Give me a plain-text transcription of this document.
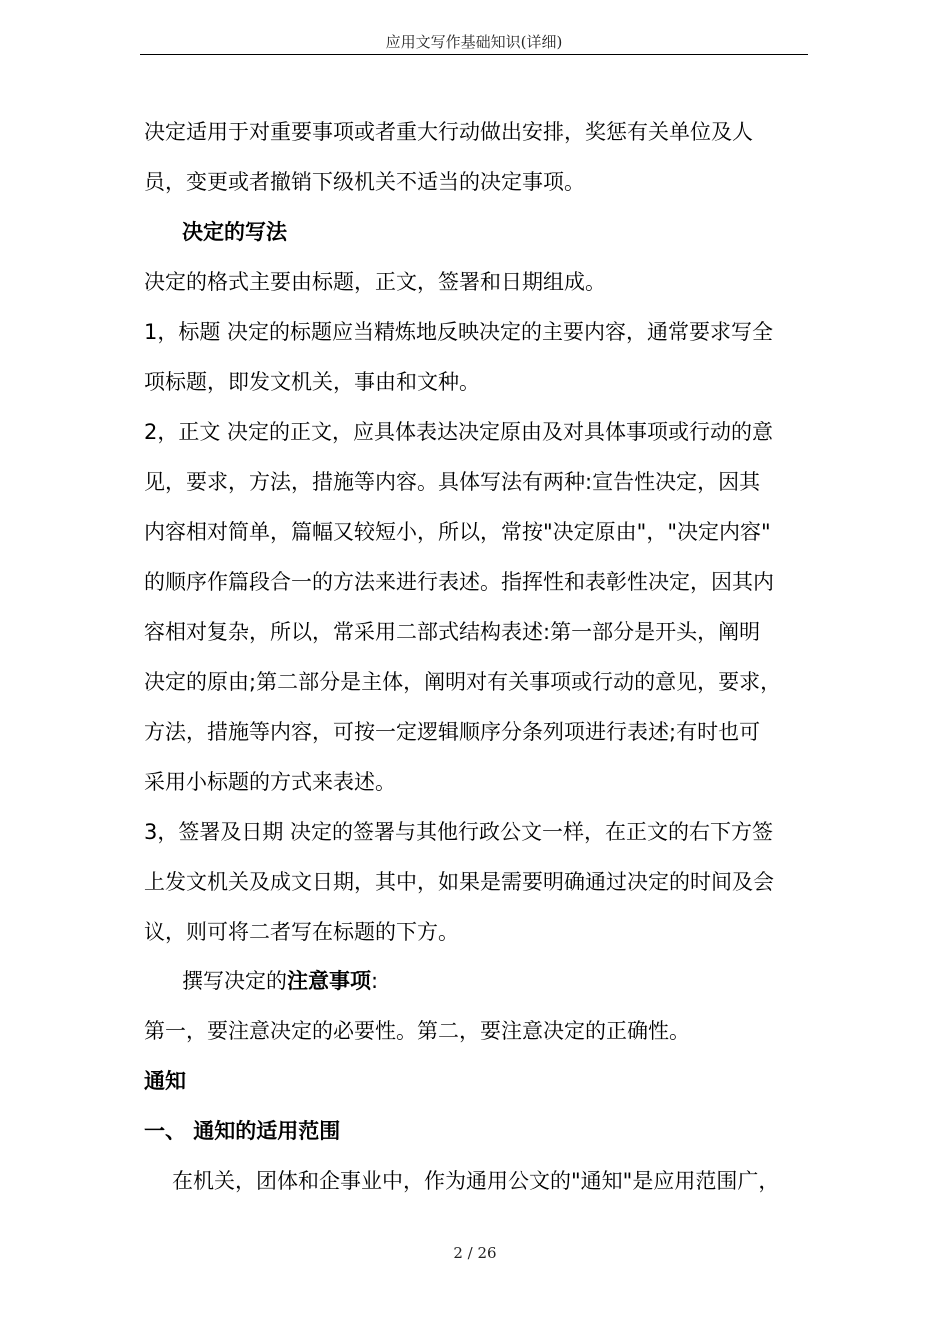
应用文写作基础知识(详细)
决定适用于对重要事项或者重大行动做出安排，奖惩有关单位及人
员，变更或者撤销下级机关不适当的决定事项。
决定的写法
决定的格式主要由标题，正文，签署和日期组成。
1，标题 决定的标题应当精炼地反映决定的主要内容，通常要求写全
项标题，即发文机关，事由和文种。
2，正文 决定的正文，应具体表达决定原由及对具体事项或行动的意
见，要求，方法，措施等内容。具体写法有两种:宣告性决定，因其
内容相对简单，篇幅又较短小，所以，常按"决定原由"，"决定内容"
的顺序作篇段合一的方法来进行表述。指挥性和表彰性决定，因其内
容相对复杂，所以，常采用二部式结构表述:第一部分是开头，阐明
决定的原由;第二部分是主体，阐明对有关事项或行动的意见，要求，
方法，措施等内容，可按一定逻辑顺序分条列项进行表述;有时也可
采用小标题的方式来表述。
3，签署及日期 决定的签署与其他行政公文一样，在正文的右下方签
上发文机关及成文日期，其中，如果是需要明确通过决定的时间及会
议，则可将二者写在标题的下方。
撰写决定的注意事项:
第一，要注意决定的必要性。第二，要注意决定的正确性。
通知
一、 通知的适用范围
在机关，团体和企事业中，作为通用公文的"通知"是应用范围广，
2 / 26
